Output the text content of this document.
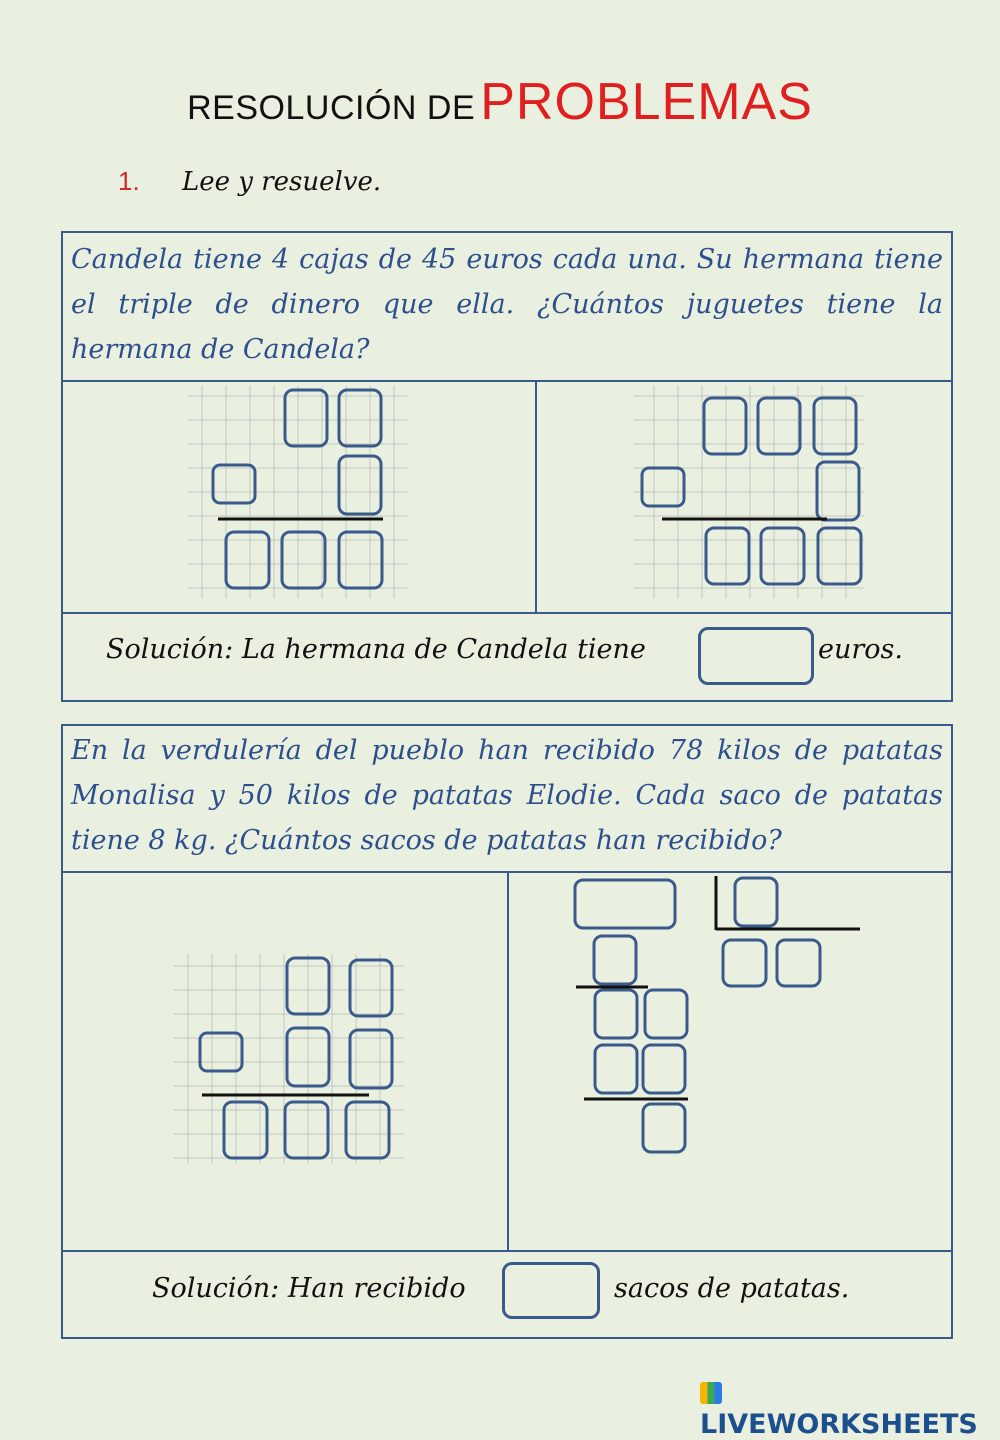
RESOLUCIÓN DE PROBLEMAS
1. Lee y resuelve.
Candela tiene 4 cajas de 45 euros cada una. Su hermana tiene el triple de dinero que ella. ¿Cuántos juguetes tiene la hermana de Candela?
Solución: La hermana de Candela tiene	euros.
En la verdulería del pueblo han recibido 78 kilos de patatas Monalisa y 50 kilos de patatas Elodie. Cada saco de patatas tiene 8 kg. ¿Cuántos sacos de patatas han recibido?
Solución: Han recibido	sacos de patatas.
LIVEWORKSHEETS
